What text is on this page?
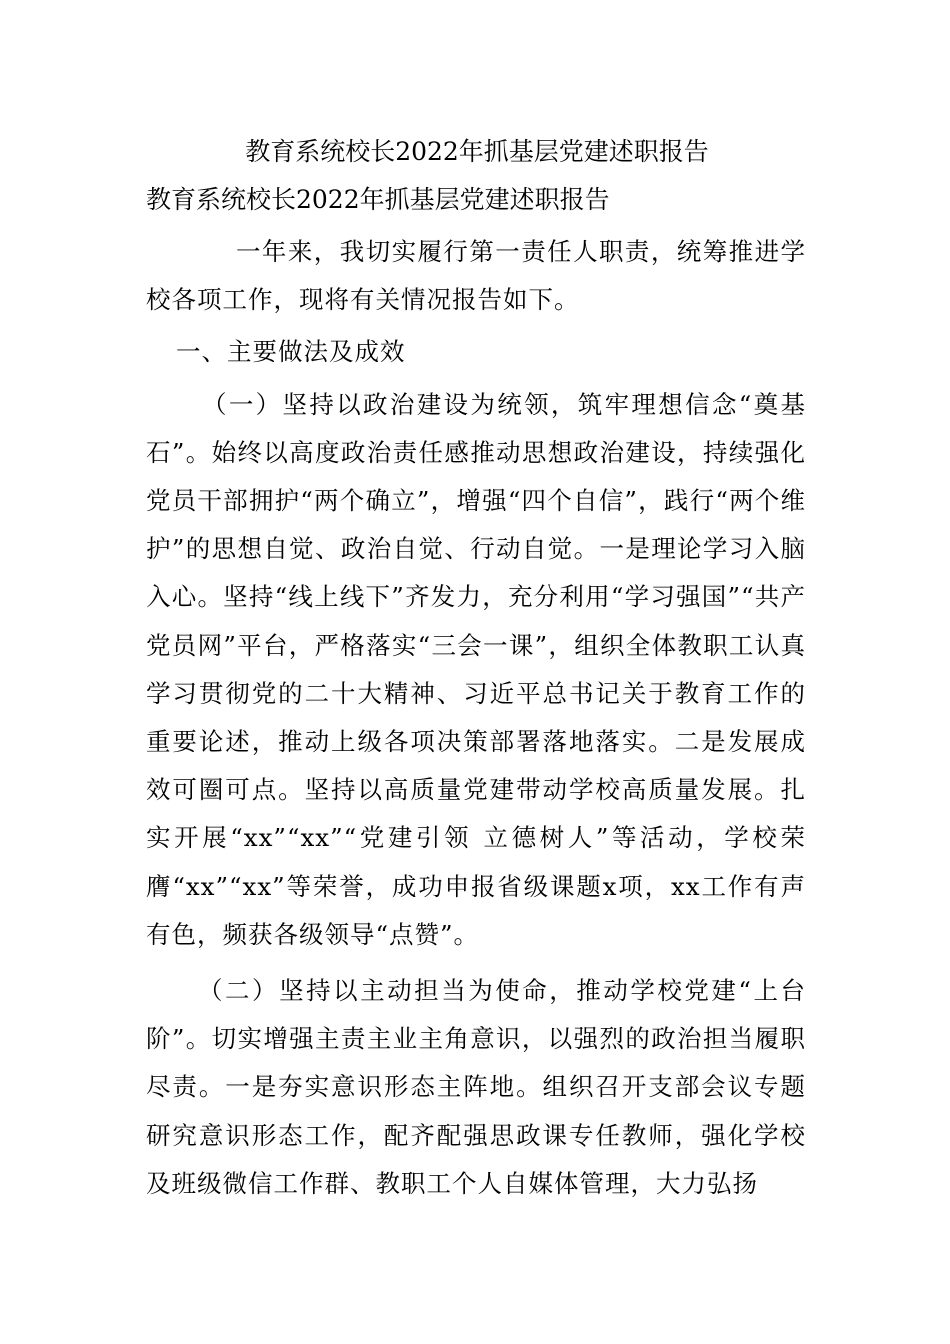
教育系统校长2022年抓基层党建述职报告
教育系统校长2022年抓基层党建述职报告

一年来，我切实履行第一责任人职责，统筹推进学校各项工作，现将有关情况报告如下。

一、主要做法及成效

（一）坚持以政治建设为统领，筑牢理想信念“奠基石”。始终以高度政治责任感推动思想政治建设，持续强化党员干部拥护“两个确立”，增强“四个自信”，践行“两个维护”的思想自觉、政治自觉、行动自觉。一是理论学习入脑入心。坚持“线上线下”齐发力，充分利用“学习强国”“共产党员网”平台，严格落实“三会一课”，组织全体教职工认真学习贯彻党的二十大精神、习近平总书记关于教育工作的重要论述，推动上级各项决策部署落地落实。二是发展成效可圈可点。坚持以高质量党建带动学校高质量发展。扎实开展“xx”“xx”“党建引领 立德树人”等活动，学校荣膺“xx”“xx”等荣誉，成功申报省级课题x项，xx工作有声有色，频获各级领导“点赞”。

（二）坚持以主动担当为使命，推动学校党建“上台阶”。切实增强主责主业主角意识，以强烈的政治担当履职尽责。一是夯实意识形态主阵地。组织召开支部会议专题研究意识形态工作，配齐配强思政课专任教师，强化学校及班级微信工作群、教职工个人自媒体管理，大力弘扬
